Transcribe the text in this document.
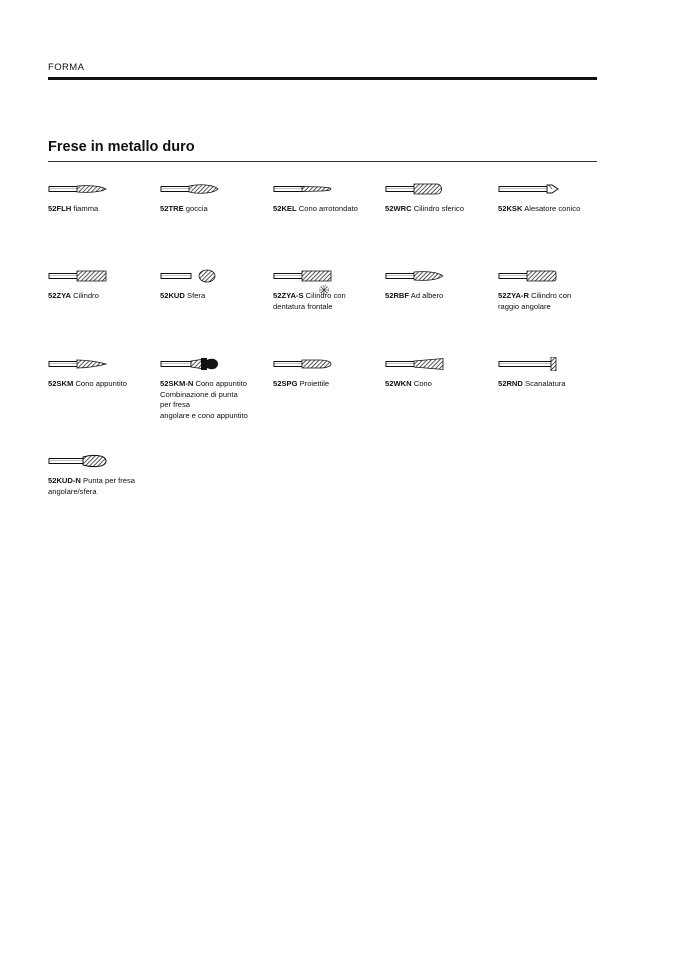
FORMA
Frese in metallo duro
52FLH fiamma	52TRE goccia	52KEL Cono arrotondato	52WRC Cilindro sferico	52KSK Alesatore conico
52ZYA Cilindro	52KUD Sfera	52ZYA-S Cilindro con
dentatura frontale
52RBF Ad albero	52ZYA-R Cilindro con
raggio angolare
52SKM Cono appuntito	52SKM-N Cono appuntito
Combinazione di punta
per fresa
angolare e cono appuntito
52SPG Proiettile	52WKN Cono	52RND Scanalatura
52KUD-N Punta per fresa
angolare/sfera
